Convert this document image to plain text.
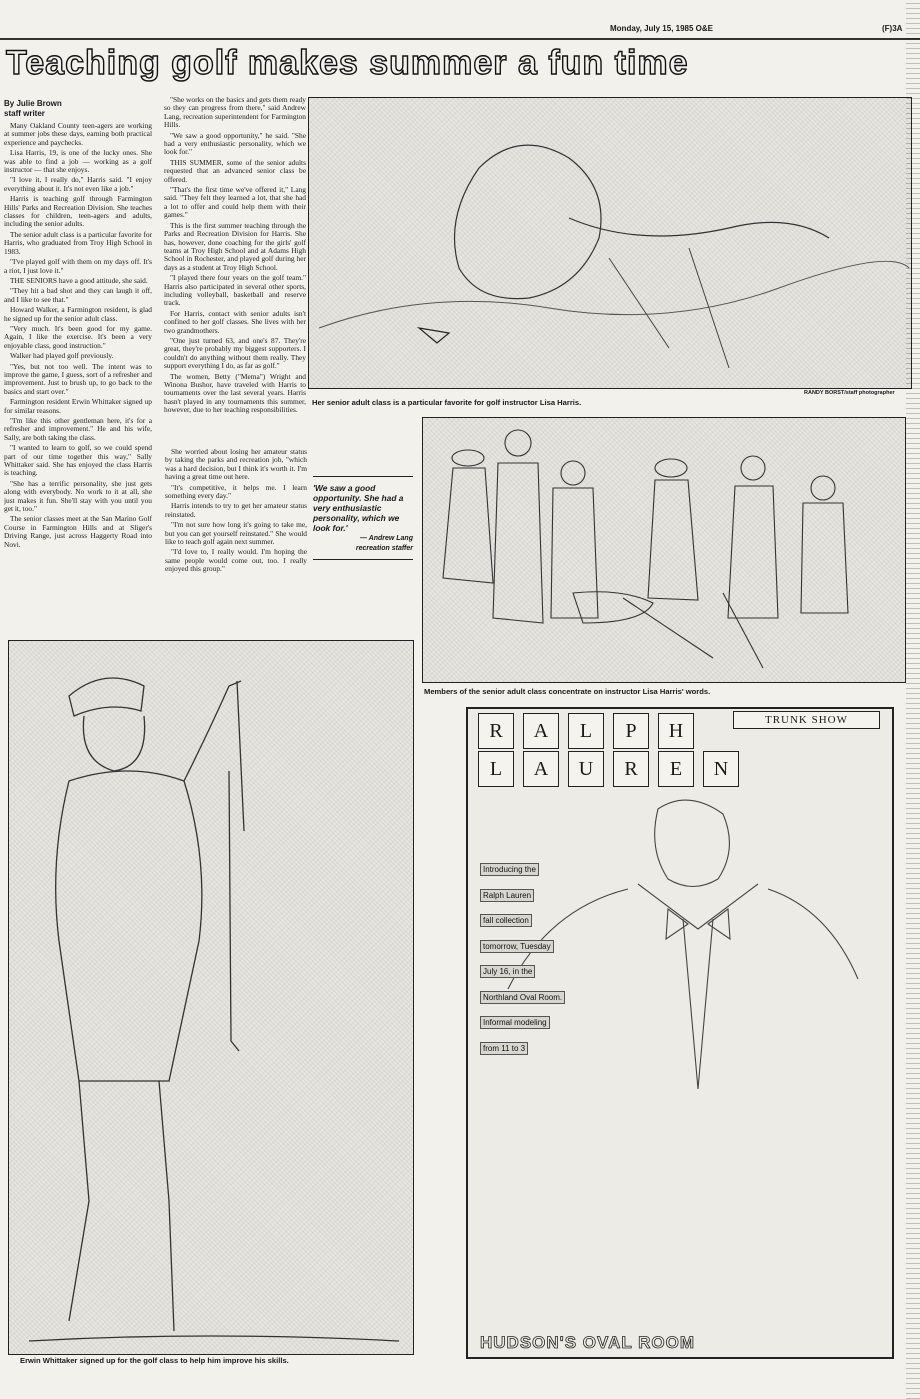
Monday, July 15, 1985 O&E	(F)3A
Teaching golf makes summer a fun time
By Julie Brown
staff writer

Many Oakland County teen-agers are working at summer jobs these days, earning both practical experience and paychecks.

Lisa Harris, 19, is one of the lucky ones. She was able to find a job — working as a golf instructor — that she enjoys.

"I love it, I really do," Harris said. "I enjoy everything about it. It's not even like a job."

Harris is teaching golf through Farmington Hills' Parks and Recreation Division. She teaches classes for children, teen-agers and adults, including the senior adults.

The senior adult class is a particular favorite for Harris, who graduated from Troy High School in 1983.

"I've played golf with them on my days off. It's a riot, I just love it."

THE SENIORS have a good attitude, she said.

"They hit a bad shot and they can laugh it off, and I like to see that."

Howard Walker, a Farmington resident, is glad he signed up for the senior adult class.

"Very much. It's been good for my game. Again, I like the exercise. It's been a very enjoyable class, good instruction."

Walker had played golf previously.

"Yes, but not too well. The intent was to improve the game, I guess, sort of a refresher and improvement. Just to brush up, to go back to the basics and start over."

Farmington resident Erwin Whittaker signed up for similar reasons.

"I'm like this other gentleman here, it's for a refresher and improvement." He and his wife, Sally, are both taking the class.

"I wanted to learn to golf, so we could spend part of our time together this way," Sally Whittaker said. She has enjoyed the class Harris is teaching.

"She has a terrific personality, she just gets along with everybody. No work to it at all, she just makes it fun. She'll stay with you until you get it, too."

The senior classes meet at the San Marino Golf Course in Farmington Hills and at Sliger's Driving Range, just across Haggerty Road into Novi.

"She works on the basics and gets them ready so they can progress from there," said Andrew Lang, recreation superintendent for Farmington Hills.

"We saw a good opportunity," he said. "She had a very enthusiastic personality, which we look for."

THIS SUMMER, some of the senior adults requested that an advanced senior class be offered.

"That's the first time we've offered it," Lang said. "They felt they learned a lot, that she had a lot to offer and could help them with their games."

This is the first summer teaching through the Parks and Recreation Division for Harris. She has, however, done coaching for the girls' golf teams at Troy High School and at Adams High School in Rochester, and played golf during her days as a student at Troy High School.

"I played there four years on the golf team." Harris also participated in several other sports, including volleyball, basketball and reserve track.

For Harris, contact with senior adults isn't confined to her golf classes. She lives with her two grandmothers.

"One just turned 63, and one's 87. They're great, they're probably my biggest supporters. I couldn't do anything without them really. They support everything I do, as far as golf."

The women, Betty ("Mema") Wright and Winona Bushor, have traveled with Harris to tournaments over the last several years. Harris hasn't played in any tournaments this summer, however, due to her teaching responsibilities.

She worried about losing her amateur status by taking the parks and recreation job, "which was a hard decision, but I think it's worth it. I'm having a great time out here.

"It's competitive, it helps me. I learn something every day."

Harris intends to try to get her amateur status reinstated.

"I'm not sure how long it's going to take me, but you can get yourself reinstated." She would like to teach golf again next summer.

"I'd love to, I really would. I'm hoping the same people would come out, too. I really enjoyed this group."

Her senior adult class is a particular favorite for golf instructor Lisa Harris.
RANDY BORST/staff photographer
'We saw a good opportunity. She had a very enthusiastic personality, which we look for.'
— Andrew Lang
recreation staffer
Members of the senior adult class concentrate on instructor Lisa Harris' words.
Erwin Whittaker signed up for the golf class to help him improve his skills.
R	A	L	P	H
L	A	U	R	E	N
TRUNK SHOW
Introducing the
Ralph Lauren
fall collection
tomorrow, Tuesday
July 16, in the
Northland Oval Room.
Informal modeling
from 11 to 3
HUDSON'S OVAL ROOM
